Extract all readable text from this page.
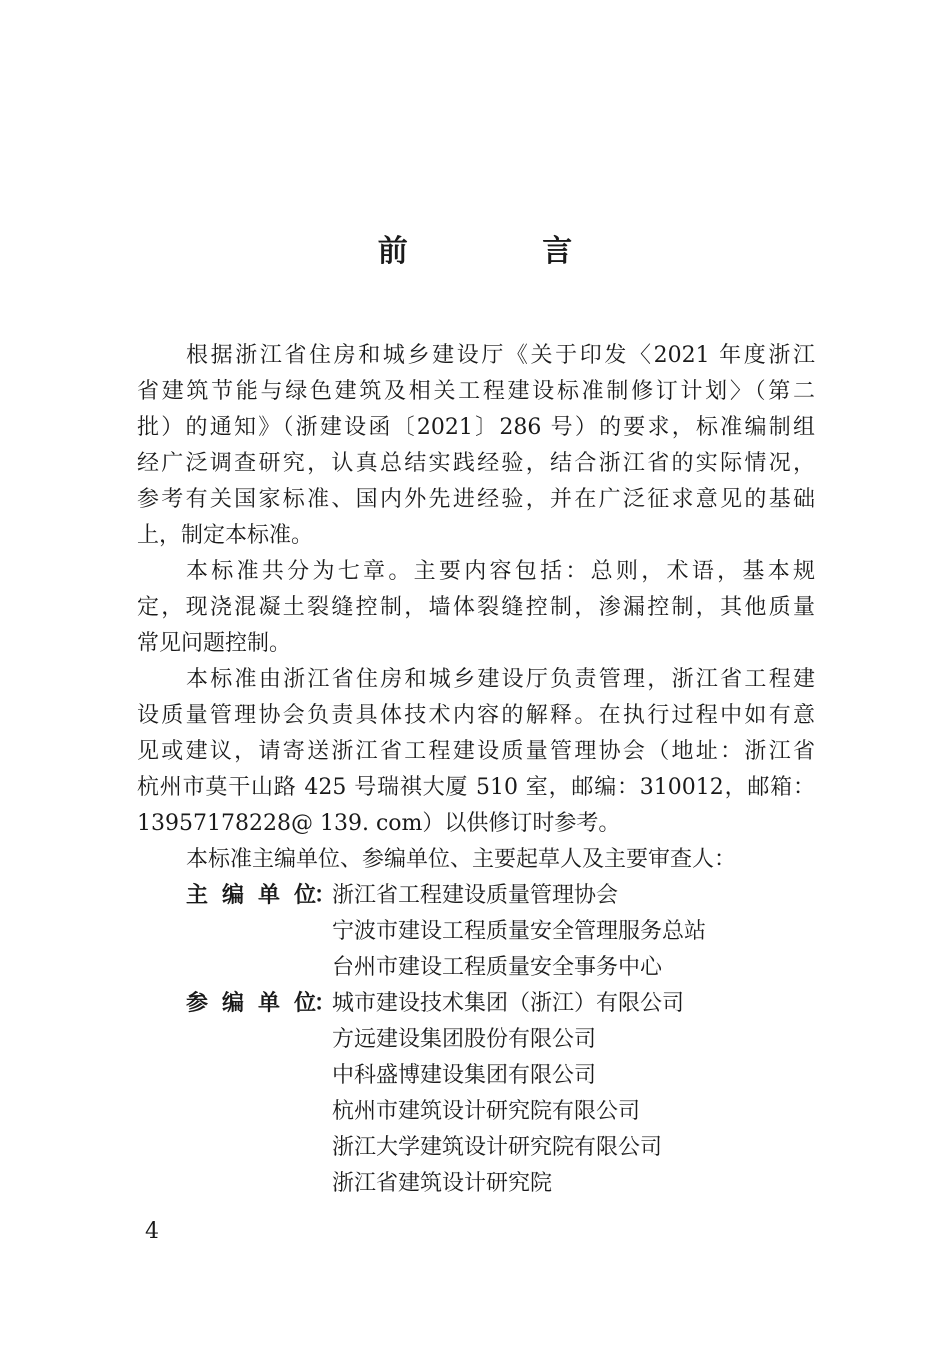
前 言
根据浙江省住房和城乡建设厅《关于印发〈2021 年度浙江
省建筑节能与绿色建筑及相关工程建设标准制修订计划〉（第二
批）的通知》（浙建设函〔2021〕286 号）的要求，标准编制组
经广泛调查研究，认真总结实践经验，结合浙江省的实际情况，
参考有关国家标准、国内外先进经验，并在广泛征求意见的基础
上，制定本标准。
本标准共分为七章。主要内容包括：总则，术语，基本规
定，现浇混凝土裂缝控制，墙体裂缝控制，渗漏控制，其他质量
常见问题控制。
本标准由浙江省住房和城乡建设厅负责管理，浙江省工程建
设质量管理协会负责具体技术内容的解释。在执行过程中如有意
见或建议，请寄送浙江省工程建设质量管理协会（地址：浙江省
杭州市莫干山路 425 号瑞祺大厦 510 室，邮编：310012，邮箱：
13957178228@ 139. com）以供修订时参考。
本标准主编单位、参编单位、主要起草人及主要审查人：
主编单位
：
浙江省工程建设质量管理协会
宁波市建设工程质量安全管理服务总站
台州市建设工程质量安全事务中心
参编单位
：
城市建设技术集团（浙江）有限公司
方远建设集团股份有限公司
中科盛博建设集团有限公司
杭州市建筑设计研究院有限公司
浙江大学建筑设计研究院有限公司
浙江省建筑设计研究院
4
